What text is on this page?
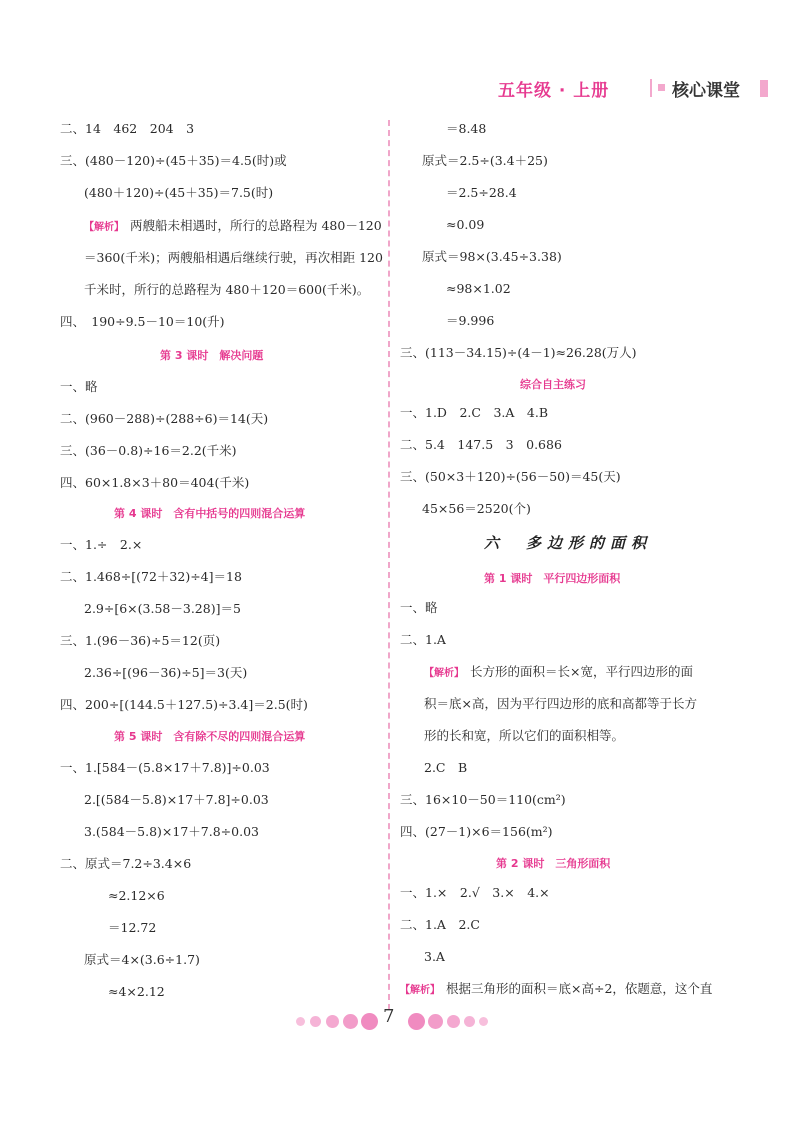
五年级 · 上册	核心课堂
二、14　462　204　3
三、(480－120)÷(45＋35)＝4.5(时)或
(480＋120)÷(45＋35)＝7.5(时)
【解析】 两艘船未相遇时，所行的总路程为 480－120
＝360(千米)；两艘船相遇后继续行驶，再次相距 120
千米时，所行的总路程为 480＋120＝600(千米)。
四、　190÷9.5－10＝10(升)
第 3 课时　解决问题
一、略
二、(960－288)÷(288÷6)＝14(天)
三、(36－0.8)÷16＝2.2(千米)
四、60×1.8×3＋80＝404(千米)
第 4 课时　含有中括号的四则混合运算
一、1.÷　2.×
二、1.468÷[(72＋32)÷4]＝18
2.9÷[6×(3.58－3.28)]＝5
三、1.(96－36)÷5＝12(页)
2.36÷[(96－36)÷5]＝3(天)
四、200÷[(144.5＋127.5)÷3.4]＝2.5(时)
第 5 课时　含有除不尽的四则混合运算
一、1.[584－(5.8×17＋7.8)]÷0.03
2.[(584－5.8)×17＋7.8]÷0.03
3.(584－5.8)×17＋7.8÷0.03
二、原式＝7.2÷3.4×6
≈2.12×6
＝12.72
原式＝4×(3.6÷1.7)
≈4×2.12
＝8.48
原式＝2.5÷(3.4＋25)
＝2.5÷28.4
≈0.09
原式＝98×(3.45÷3.38)
≈98×1.02
＝9.996
三、(113－34.15)÷(4－1)≈26.28(万人)
综合自主练习
一、1.D　2.C　3.A　4.B
二、5.4　147.5　3　0.686
三、(50×3＋120)÷(56－50)＝45(天)
45×56＝2520(个)
六　多边形的面积
第 1 课时　平行四边形面积
一、略
二、1.A
【解析】 长方形的面积＝长×宽，平行四边形的面
积＝底×高，因为平行四边形的底和高都等于长方
形的长和宽，所以它们的面积相等。
2.C　B
三、16×10－50＝110(cm²)
四、(27－1)×6＝156(m²)
第 2 课时　三角形面积
一、1.×　2.√　3.×　4.×
二、1.A　2.C
3.A
【解析】 根据三角形的面积＝底×高÷2，依题意，这个直
7
